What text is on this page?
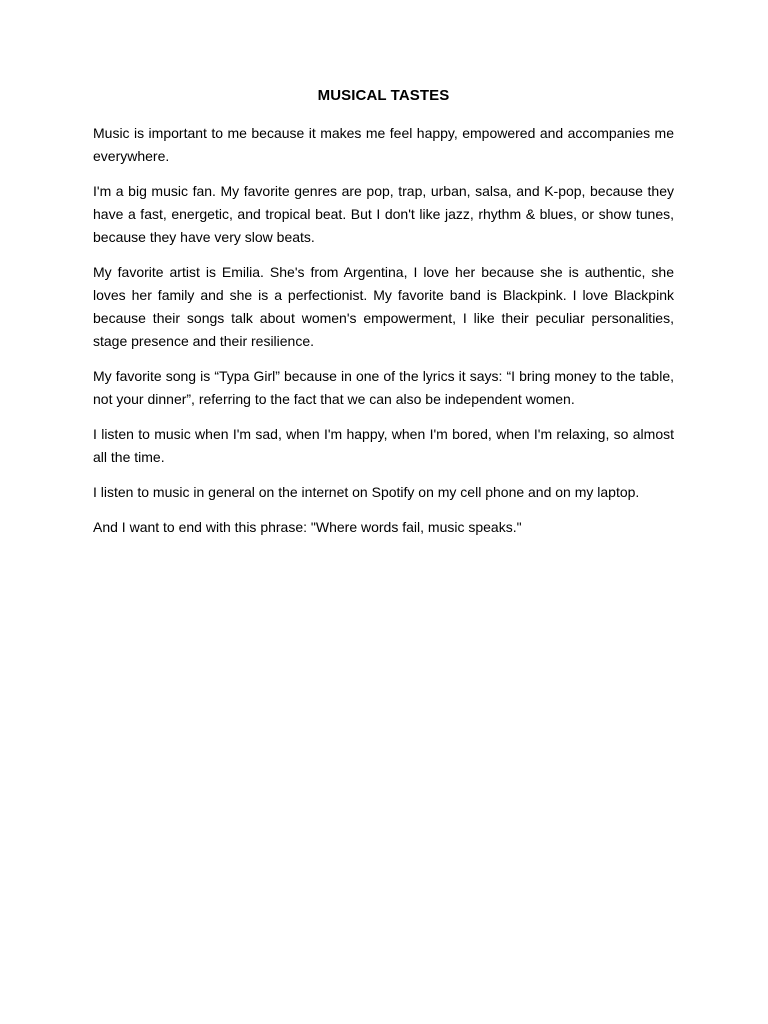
MUSICAL TASTES

Music is important to me because it makes me feel happy, empowered and accompanies me everywhere.

I'm a big music fan. My favorite genres are pop, trap, urban, salsa, and K-pop, because they have a fast, energetic, and tropical beat. But I don't like jazz, rhythm & blues, or show tunes, because they have very slow beats.

My favorite artist is Emilia. She's from Argentina, I love her because she is authentic, she loves her family and she is a perfectionist. My favorite band is Blackpink. I love Blackpink because their songs talk about women's empowerment, I like their peculiar personalities, stage presence and their resilience.

My favorite song is “Typa Girl” because in one of the lyrics it says: “I bring money to the table, not your dinner”, referring to the fact that we can also be independent women.

I listen to music when I'm sad, when I'm happy, when I'm bored, when I'm relaxing, so almost all the time.

I listen to music in general on the internet on Spotify on my cell phone and on my laptop.

And I want to end with this phrase: "Where words fail, music speaks."
